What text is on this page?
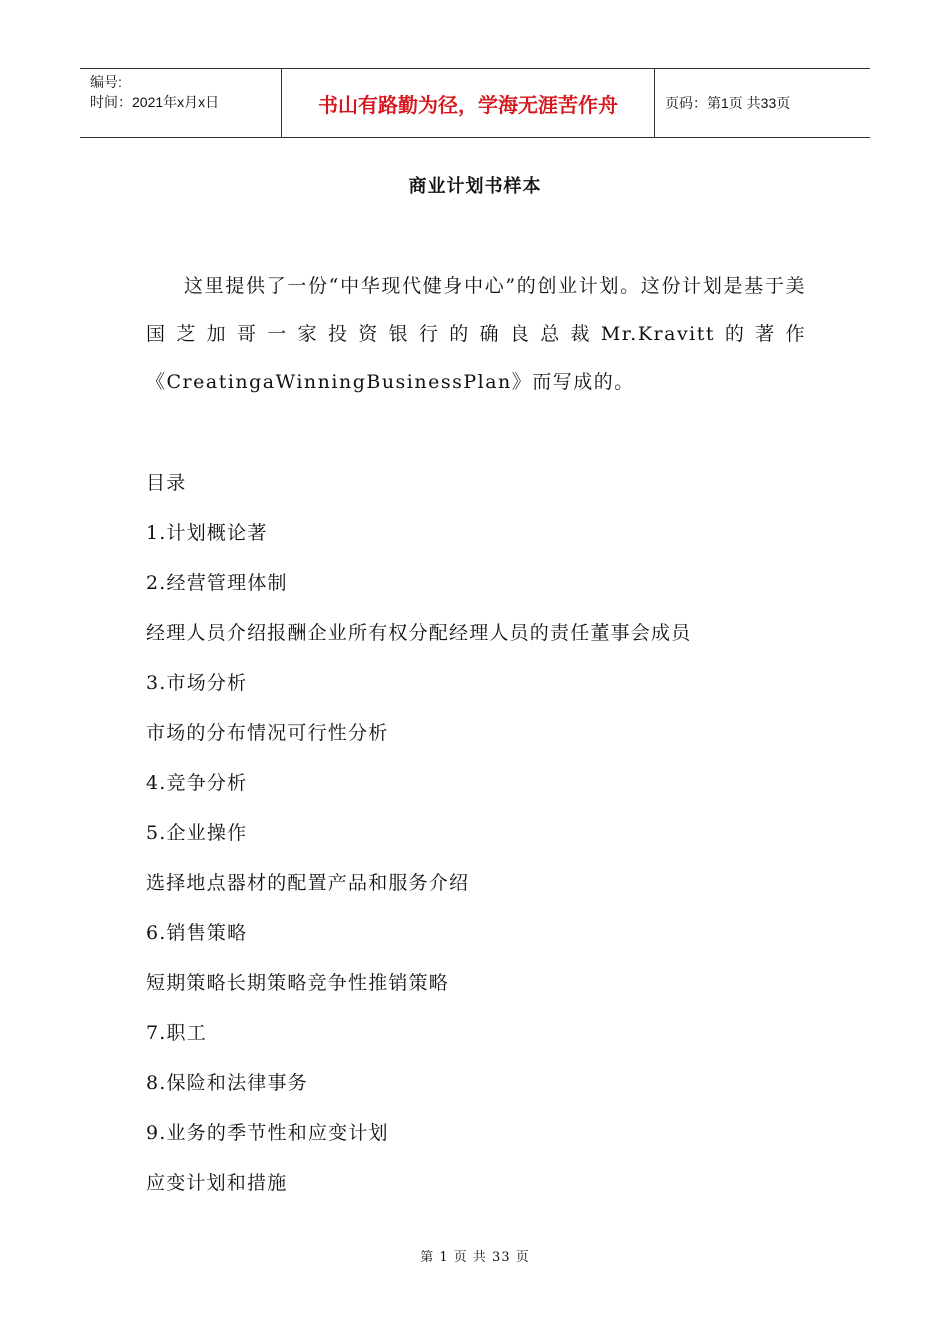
编号:
时间：2021年x月x日	书山有路勤为径，学海无涯苦作舟	页码：第1页 共33页
商业计划书样本
这里提供了一份“中华现代健身中心”的创业计划。这份计划是基于美国芝加哥一家投资银行的确良总裁Mr.Kravitt的著作《CreatingaWinningBusinessPlan》而写成的。
目录
1.计划概论著
2.经营管理体制
经理人员介绍报酬企业所有权分配经理人员的责任董事会成员
3.市场分析
市场的分布情况可行性分析
4.竞争分析
5.企业操作
选择地点器材的配置产品和服务介绍
6.销售策略
短期策略长期策略竞争性推销策略
7.职工
8.保险和法律事务
9.业务的季节性和应变计划
应变计划和措施
第 1 页 共 33 页
